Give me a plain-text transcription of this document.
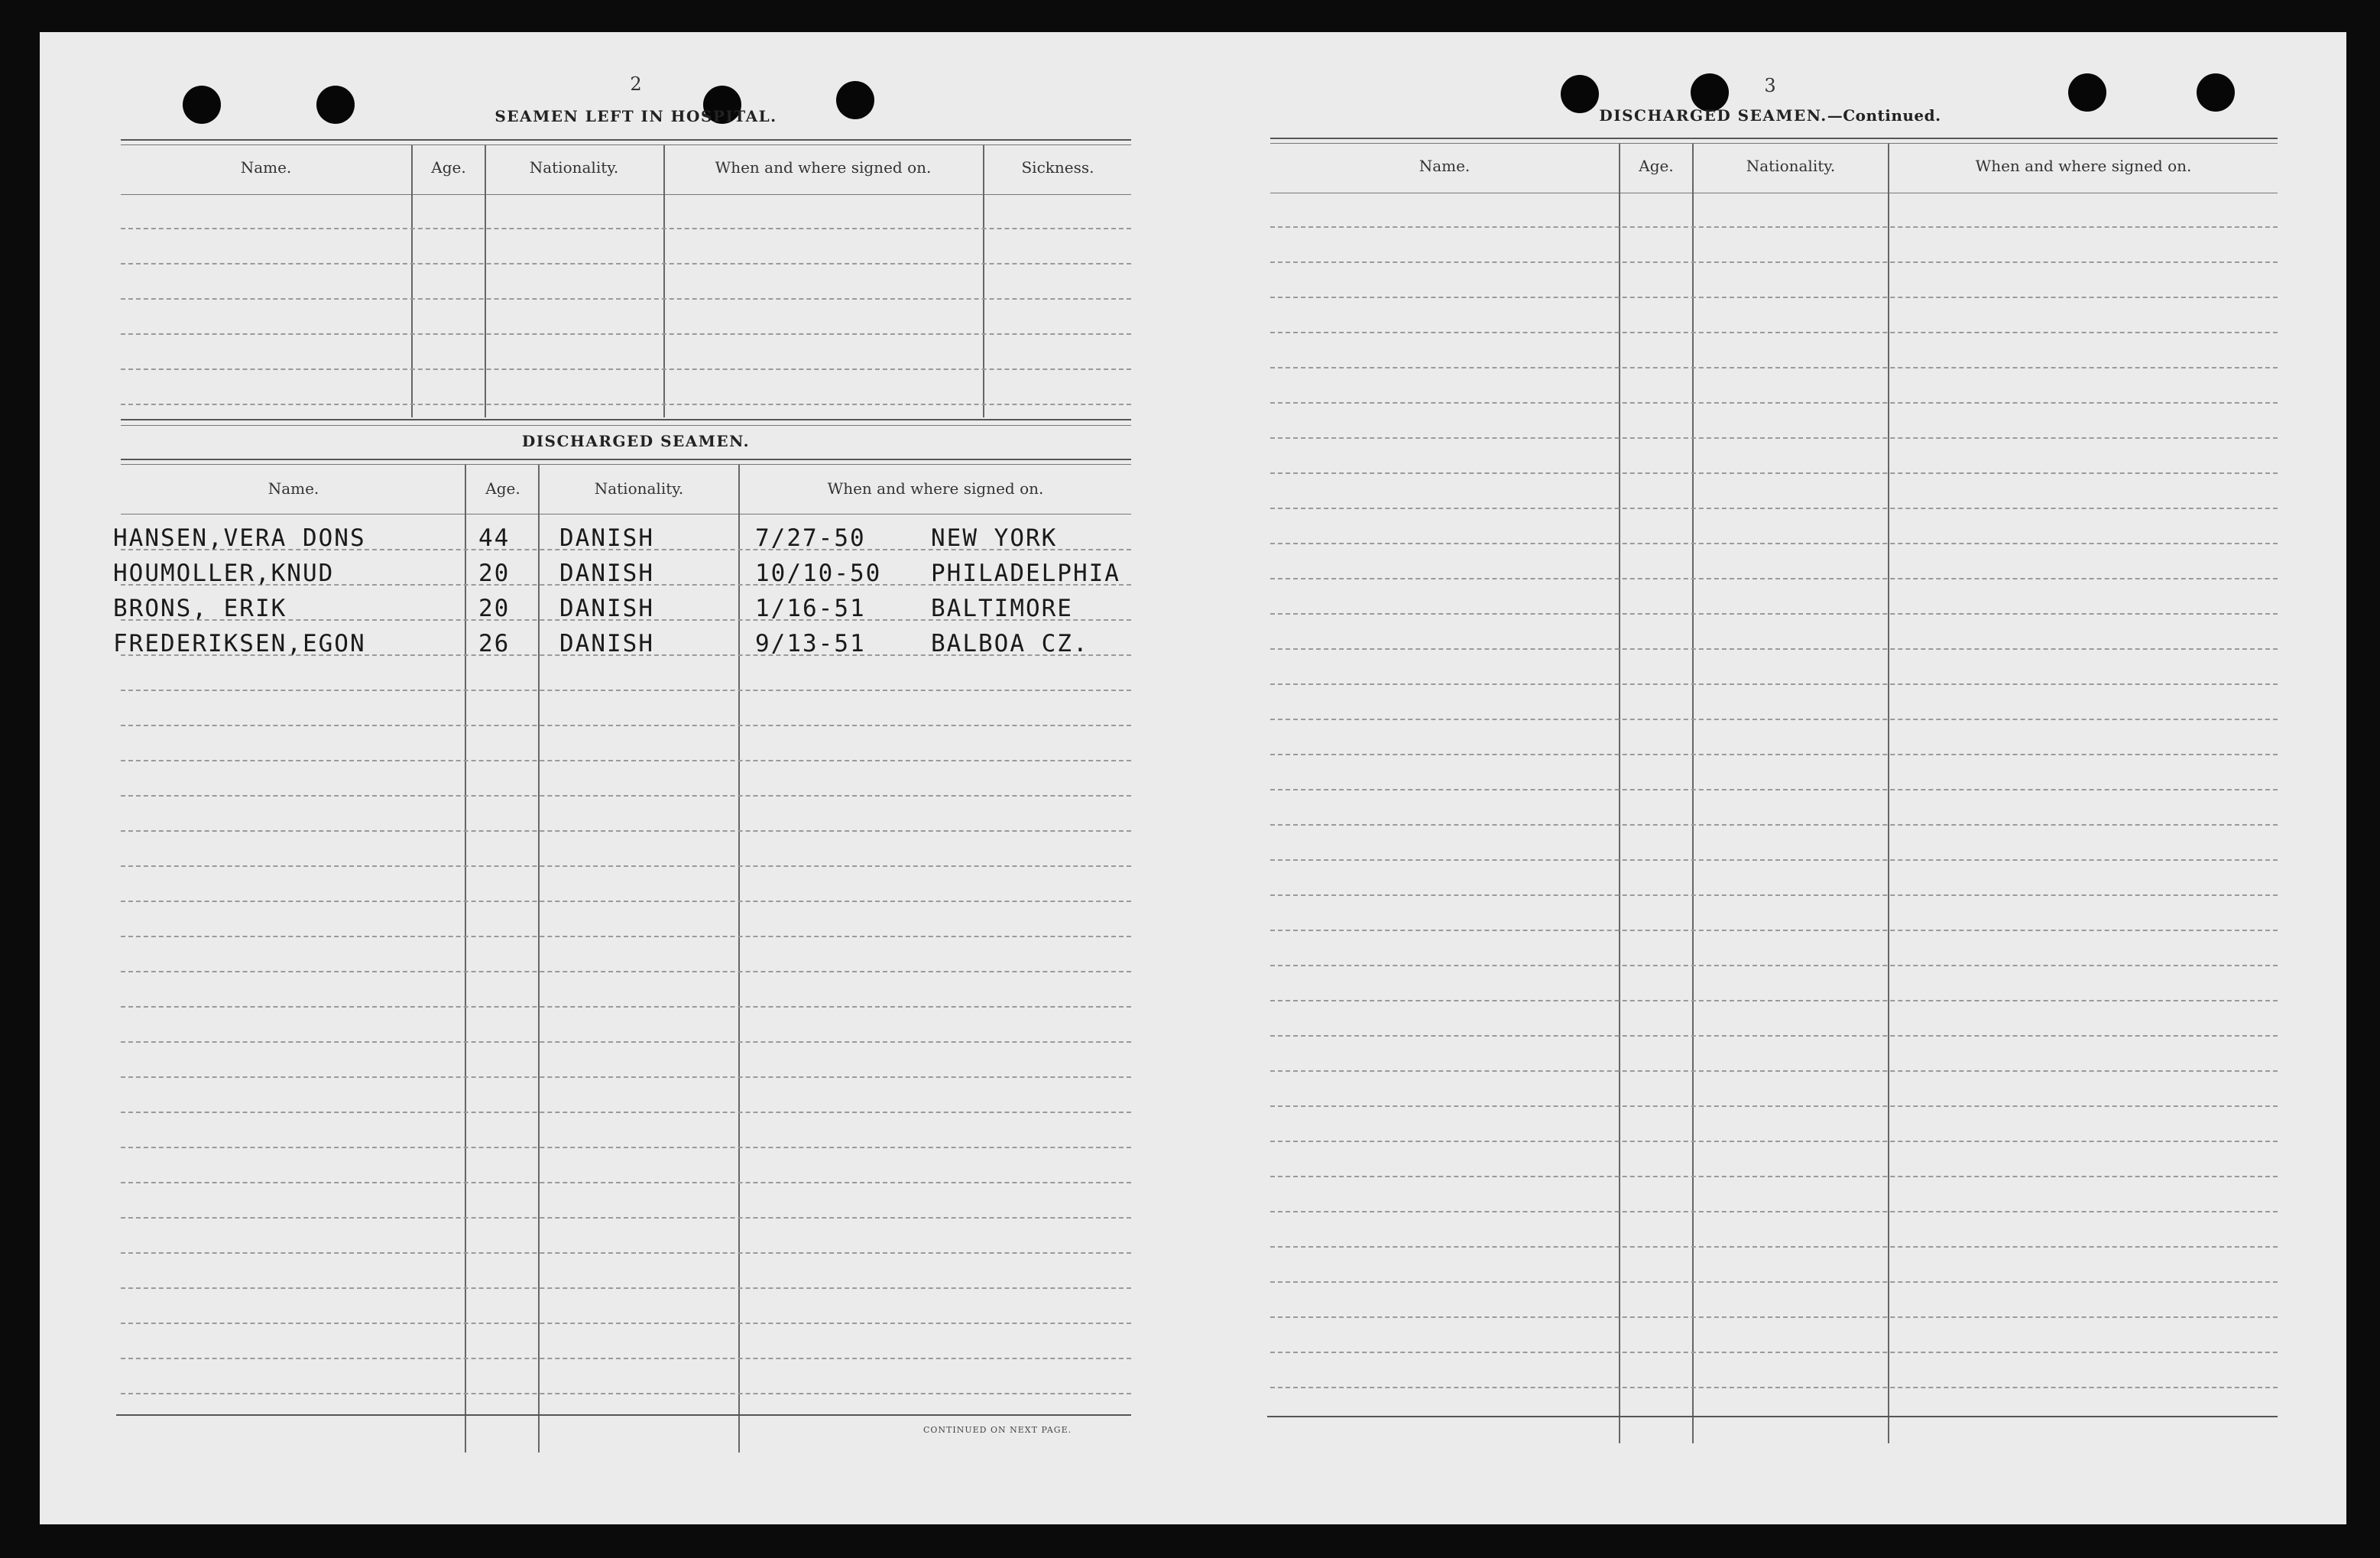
2
SEAMEN LEFT IN HOSPITAL.
Name.	Age.	Nationality.	When and where signed on.	Sickness.
DISCHARGED SEAMEN.
Name.	Age.	Nationality.	When and where signed on.
HANSEN,VERA DONS	44 DANISH	7/27-50	NEW YORK
HOUMOLLER,KNUD	20 DANISH	10/10-50 PHILADELPHIA
BRONS, ERIK	20 DANISH	1/16-51	BALTIMORE
FREDERIKSEN,EGON	26 DANISH	9/13-51	BALBOA CZ.
CONTINUED ON NEXT PAGE.
3
DISCHARGED SEAMEN.—Continued.
Name.	Age.	Nationality.	When and where signed on.
